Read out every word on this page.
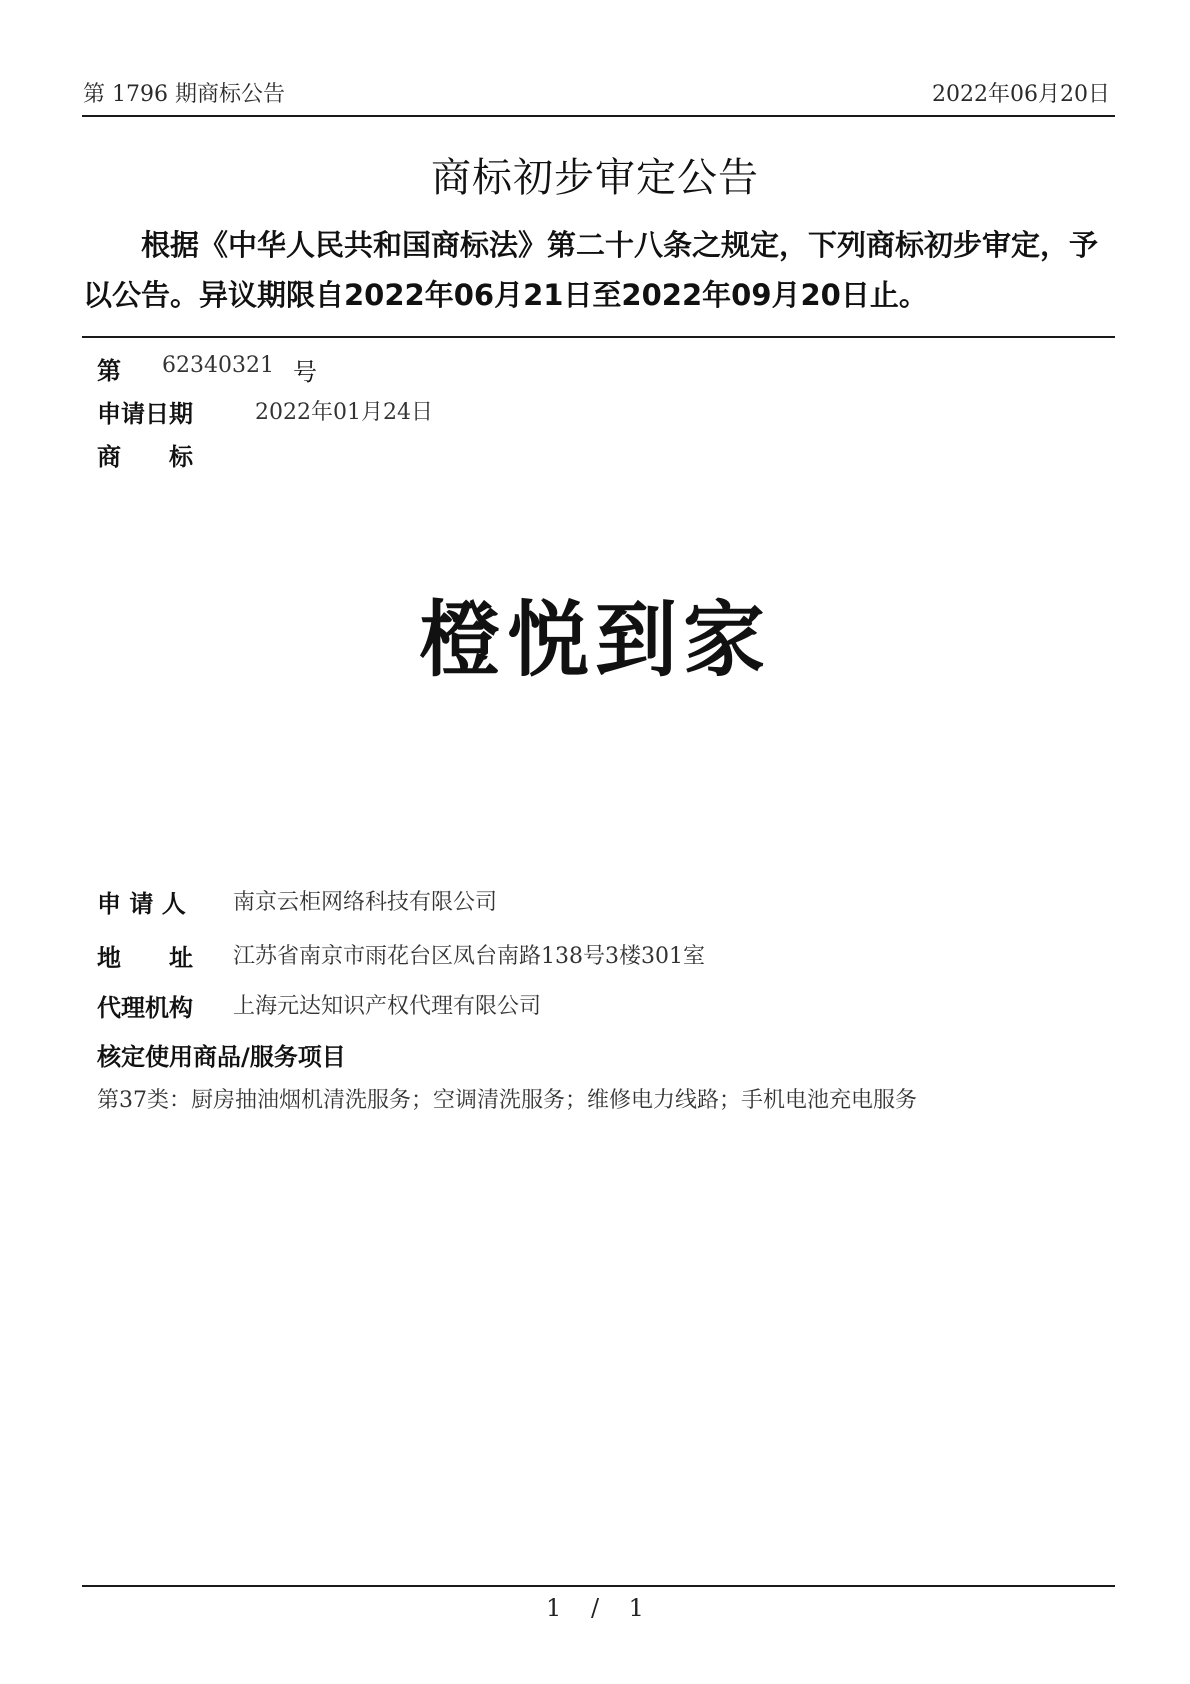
第 1796 期商标公告	2022年06月20日
商标初步审定公告
根据《中华人民共和国商标法》第二十八条之规定，下列商标初步审定，予以公告。异议期限自2022年06月21日至2022年09月20日止。
第 62340321 号
申请日期	2022年01月24日
商　　标
橙悦到家
申 请 人 南京云柜网络科技有限公司
地　　址 江苏省南京市雨花台区凤台南路138号3楼301室
代理机构 上海元达知识产权代理有限公司
核定使用商品/服务项目
第37类：厨房抽油烟机清洗服务；空调清洗服务；维修电力线路；手机电池充电服务
1 / 1
